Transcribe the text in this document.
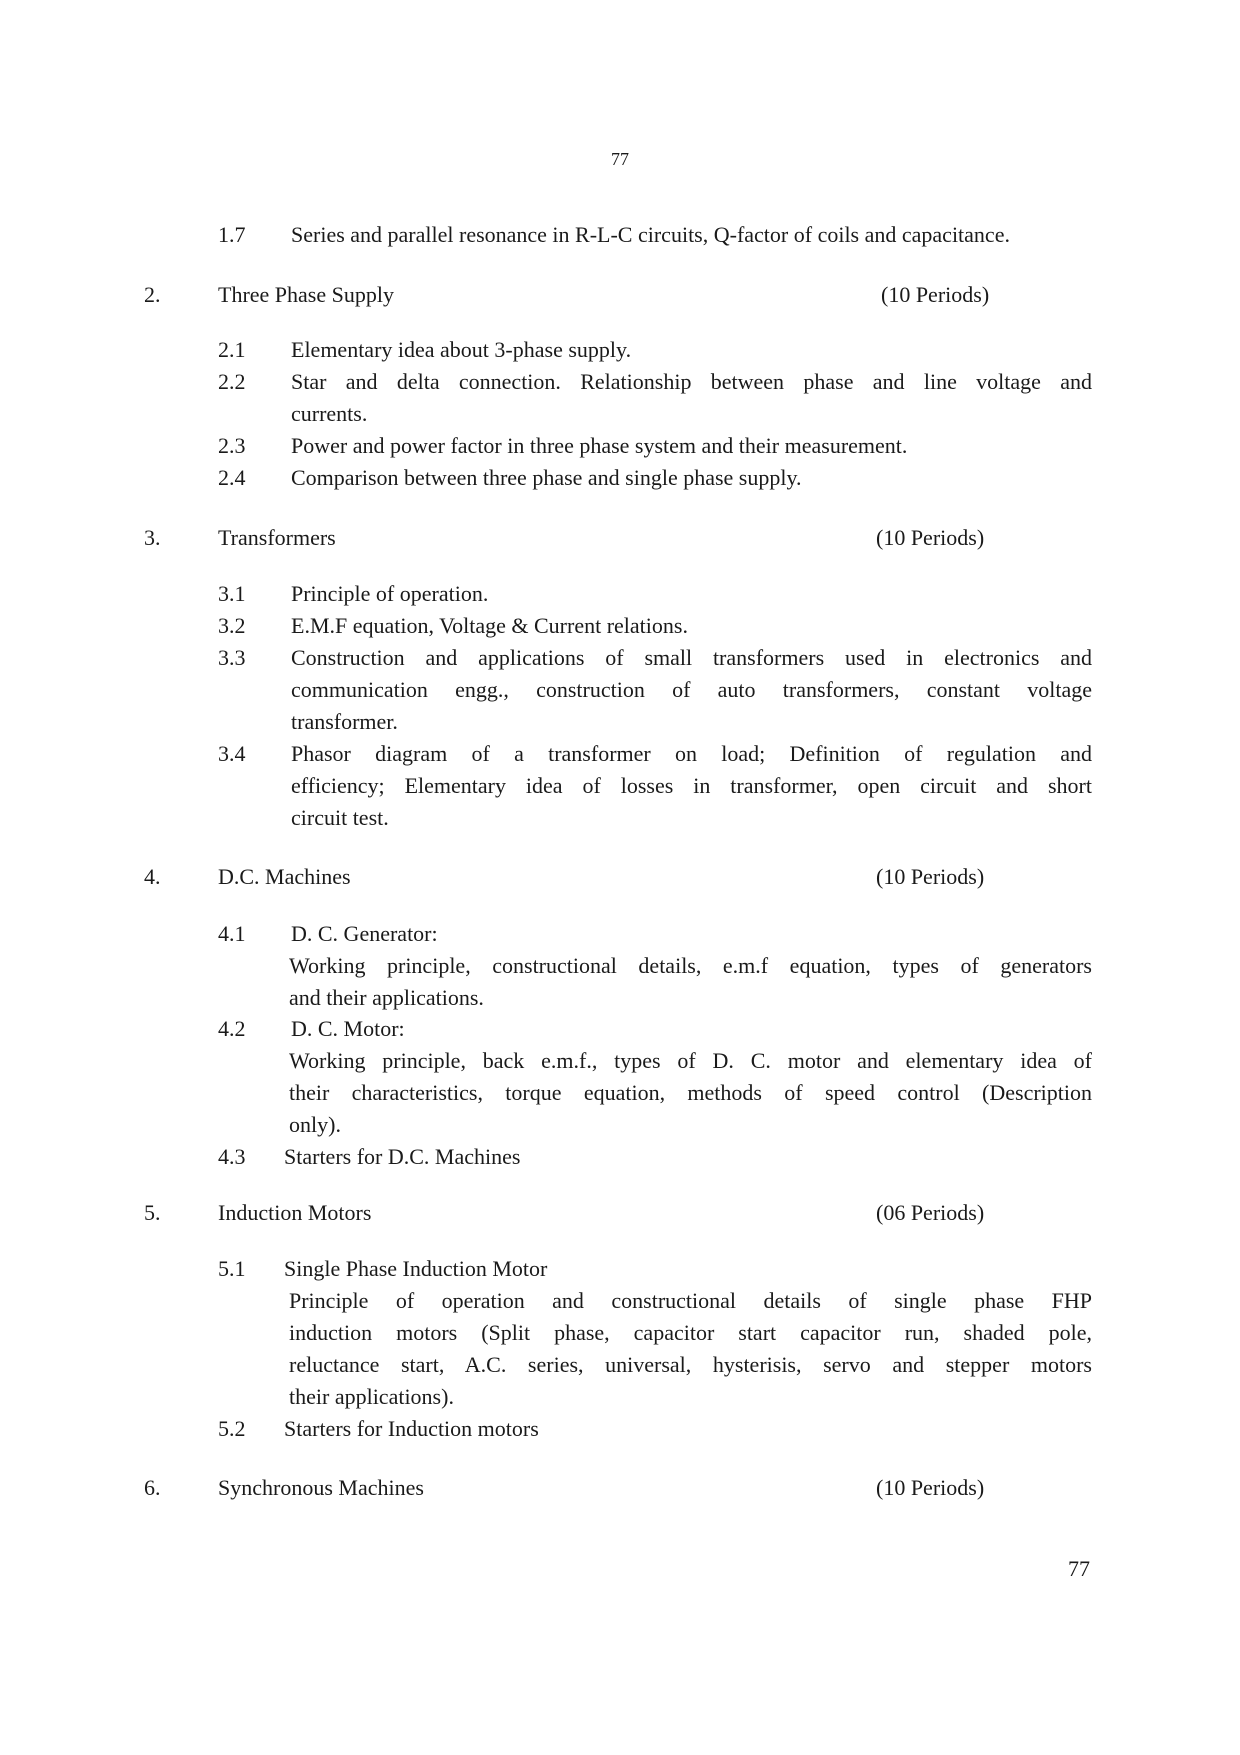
77
1.7 Series and parallel resonance in R-L-C circuits, Q-factor of coils and capacitance.
2.	Three Phase Supply	(10 Periods)
2.1 Elementary idea about 3-phase supply.
2.2 Star and delta connection. Relationship between phase and line voltage and
currents.
2.3 Power and power factor in three phase system and their measurement.
2.4 Comparison between three phase and single phase supply.
3.	Transformers	(10 Periods)
3.1 Principle of operation.
3.2 E.M.F equation, Voltage & Current relations.
3.3 Construction and applications of small transformers used in electronics and
communication engg., construction of auto transformers, constant voltage
transformer.
3.4 Phasor diagram of a transformer on load; Definition of regulation and
efficiency; Elementary idea of losses in transformer, open circuit and short
circuit test.
4.	D.C. Machines	(10 Periods)
4.1 D. C. Generator:
Working principle, constructional details, e.m.f equation, types of generators
and their applications.
4.2 D. C. Motor:
Working principle, back e.m.f., types of D. C. motor and elementary idea of
their characteristics, torque equation, methods of speed control (Description
only).
4.3 Starters for D.C. Machines
5.	Induction Motors	(06 Periods)
5.1 Single Phase Induction Motor
Principle of operation and constructional details of single phase FHP
induction motors (Split phase, capacitor start capacitor run, shaded pole,
reluctance start, A.C. series, universal, hysterisis, servo and stepper motors
their applications).
5.2 Starters for Induction motors
6.	Synchronous Machines	(10 Periods)
77
